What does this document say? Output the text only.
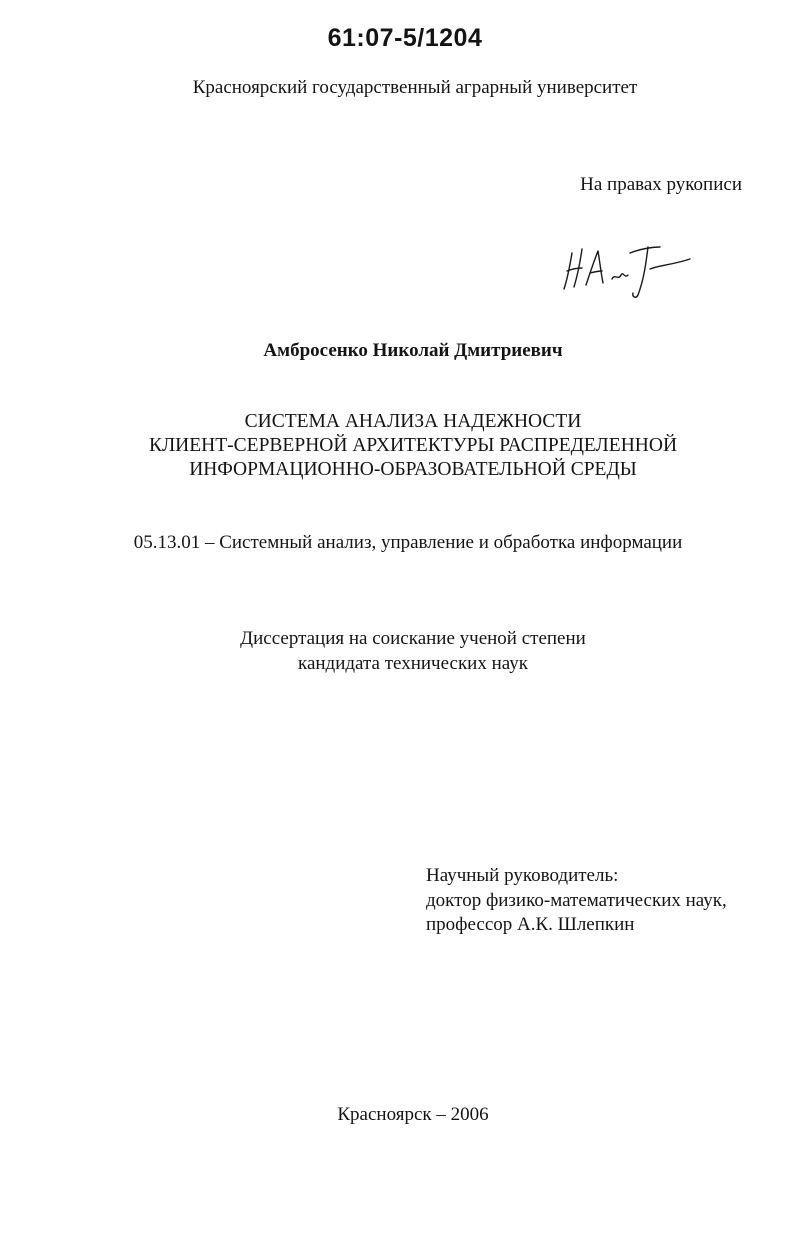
61:07-5/1204
Красноярский государственный аграрный университет
На правах рукописи
Амбросенко Николай Дмитриевич
СИСТЕМА АНАЛИЗА НАДЕЖНОСТИ
КЛИЕНТ-СЕРВЕРНОЙ АРХИТЕКТУРЫ РАСПРЕДЕЛЕННОЙ
ИНФОРМАЦИОННО-ОБРАЗОВАТЕЛЬНОЙ СРЕДЫ
05.13.01 – Системный анализ, управление и обработка информации
Диссертация на соискание ученой степени
кандидата технических наук
Научный руководитель:
доктор физико-математических наук,
профессор А.К. Шлепкин
Красноярск – 2006
